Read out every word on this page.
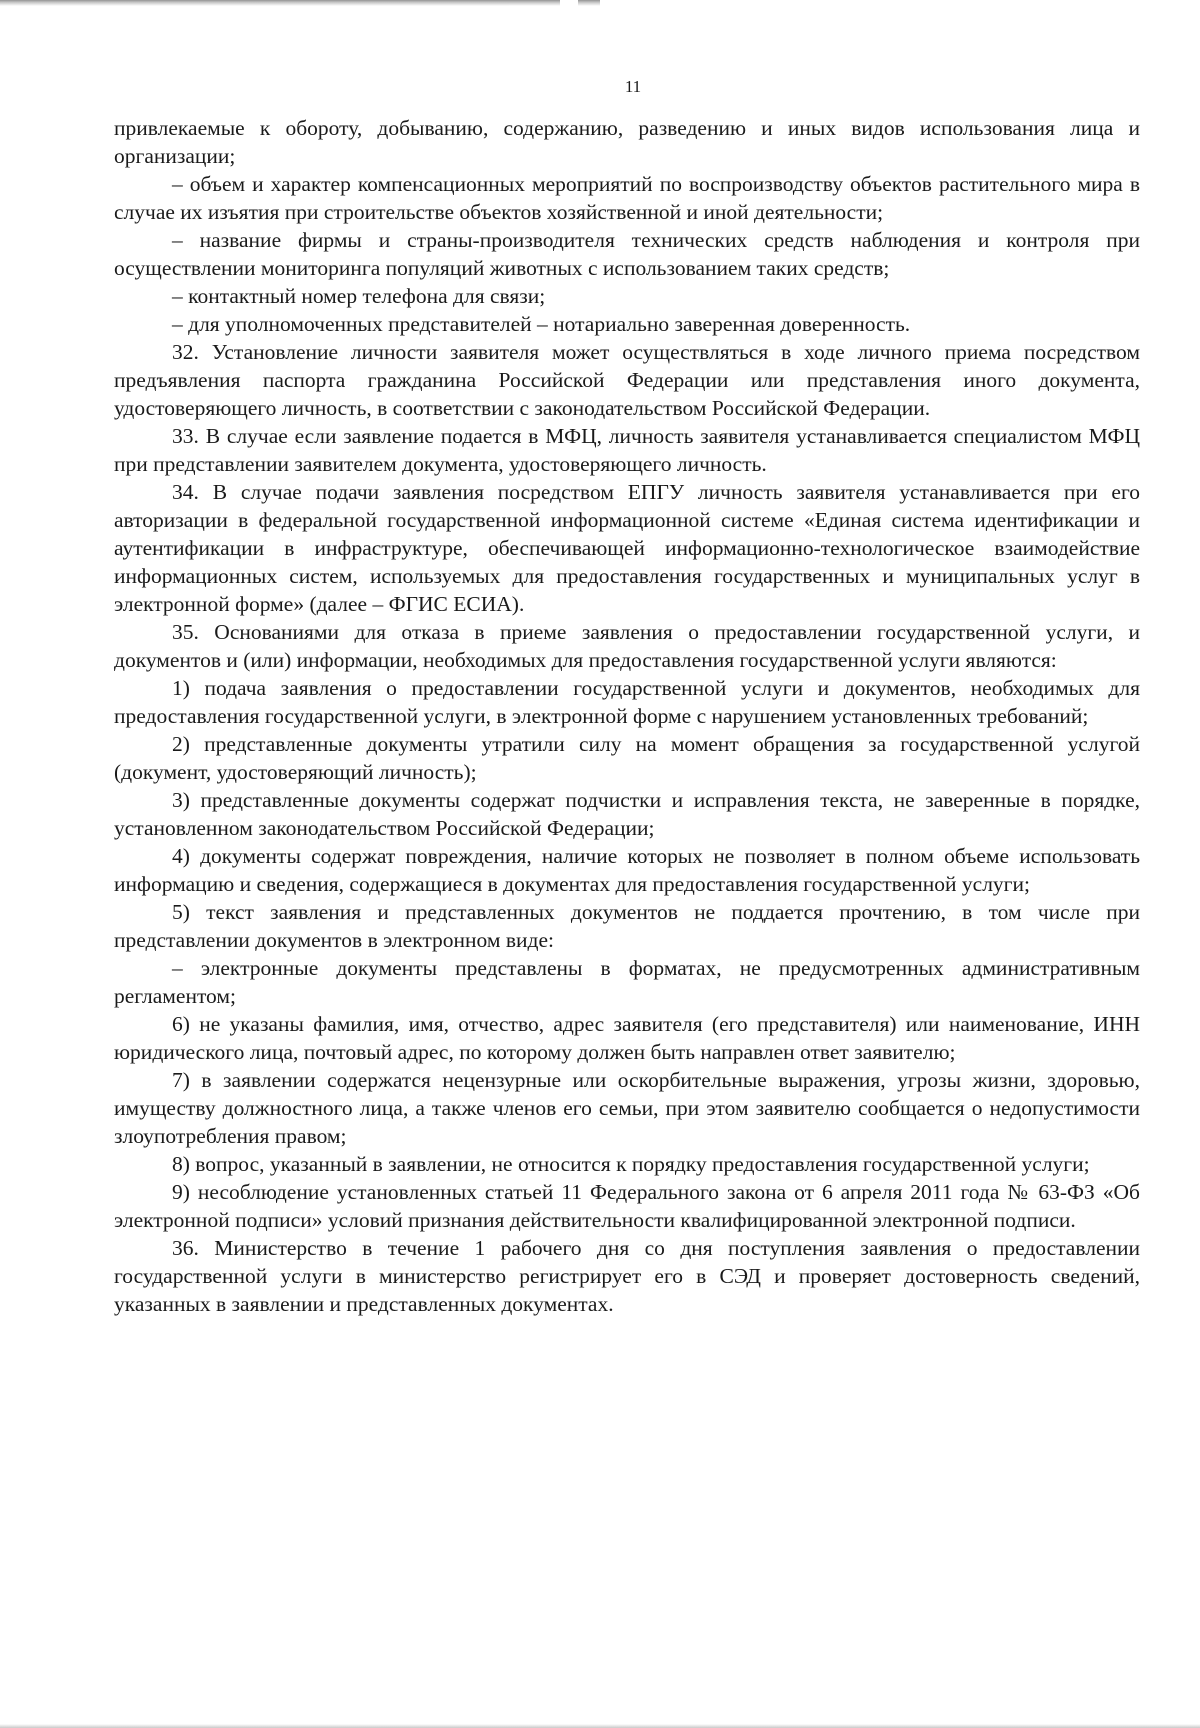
11

привлекаемые к обороту, добыванию, содержанию, разведению и иных видов использования лица и организации;

– объем и характер компенсационных мероприятий по воспроизводству объектов растительного мира в случае их изъятия при строительстве объектов хозяйственной и иной деятельности;

– название фирмы и страны-производителя технических средств наблюдения и контроля при осуществлении мониторинга популяций животных с использованием таких средств;

– контактный номер телефона для связи;

– для уполномоченных представителей – нотариально заверенная доверенность.

32. Установление личности заявителя может осуществляться в ходе личного приема посредством предъявления паспорта гражданина Российской Федерации или представления иного документа, удостоверяющего личность, в соответствии с законодательством Российской Федерации.

33. В случае если заявление подается в МФЦ, личность заявителя устанавливается специалистом МФЦ при представлении заявителем документа, удостоверяющего личность.

34. В случае подачи заявления посредством ЕПГУ личность заявителя устанавливается при его авторизации в федеральной государственной информационной системе «Единая система идентификации и аутентификации в инфраструктуре, обеспечивающей информационно-технологическое взаимодействие информационных систем, используемых для предоставления государственных и муниципальных услуг в электронной форме» (далее – ФГИС ЕСИА).

35. Основаниями для отказа в приеме заявления о предоставлении государственной услуги, и документов и (или) информации, необходимых для предоставления государственной услуги являются:

1) подача заявления о предоставлении государственной услуги и документов, необходимых для предоставления государственной услуги, в электронной форме с нарушением установленных требований;

2) представленные документы утратили силу на момент обращения за государственной услугой (документ, удостоверяющий личность);

3) представленные документы содержат подчистки и исправления текста, не заверенные в порядке, установленном законодательством Российской Федерации;

4) документы содержат повреждения, наличие которых не позволяет в полном объеме использовать информацию и сведения, содержащиеся в документах для предоставления государственной услуги;

5) текст заявления и представленных документов не поддается прочтению, в том числе при представлении документов в электронном виде:

– электронные документы представлены в форматах, не предусмотренных административным регламентом;

6) не указаны фамилия, имя, отчество, адрес заявителя (его представителя) или наименование, ИНН юридического лица, почтовый адрес, по которому должен быть направлен ответ заявителю;

7) в заявлении содержатся нецензурные или оскорбительные выражения, угрозы жизни, здоровью, имуществу должностного лица, а также членов его семьи, при этом заявителю сообщается о недопустимости злоупотребления правом;

8) вопрос, указанный в заявлении, не относится к порядку предоставления государственной услуги;

9) несоблюдение установленных статьей 11 Федерального закона от 6 апреля 2011 года № 63-ФЗ «Об электронной подписи» условий признания действительности квалифицированной электронной подписи.

36. Министерство в течение 1 рабочего дня со дня поступления заявления о предоставлении государственной услуги в министерство регистрирует его в СЭД и проверяет достоверность сведений, указанных в заявлении и представленных документах.
